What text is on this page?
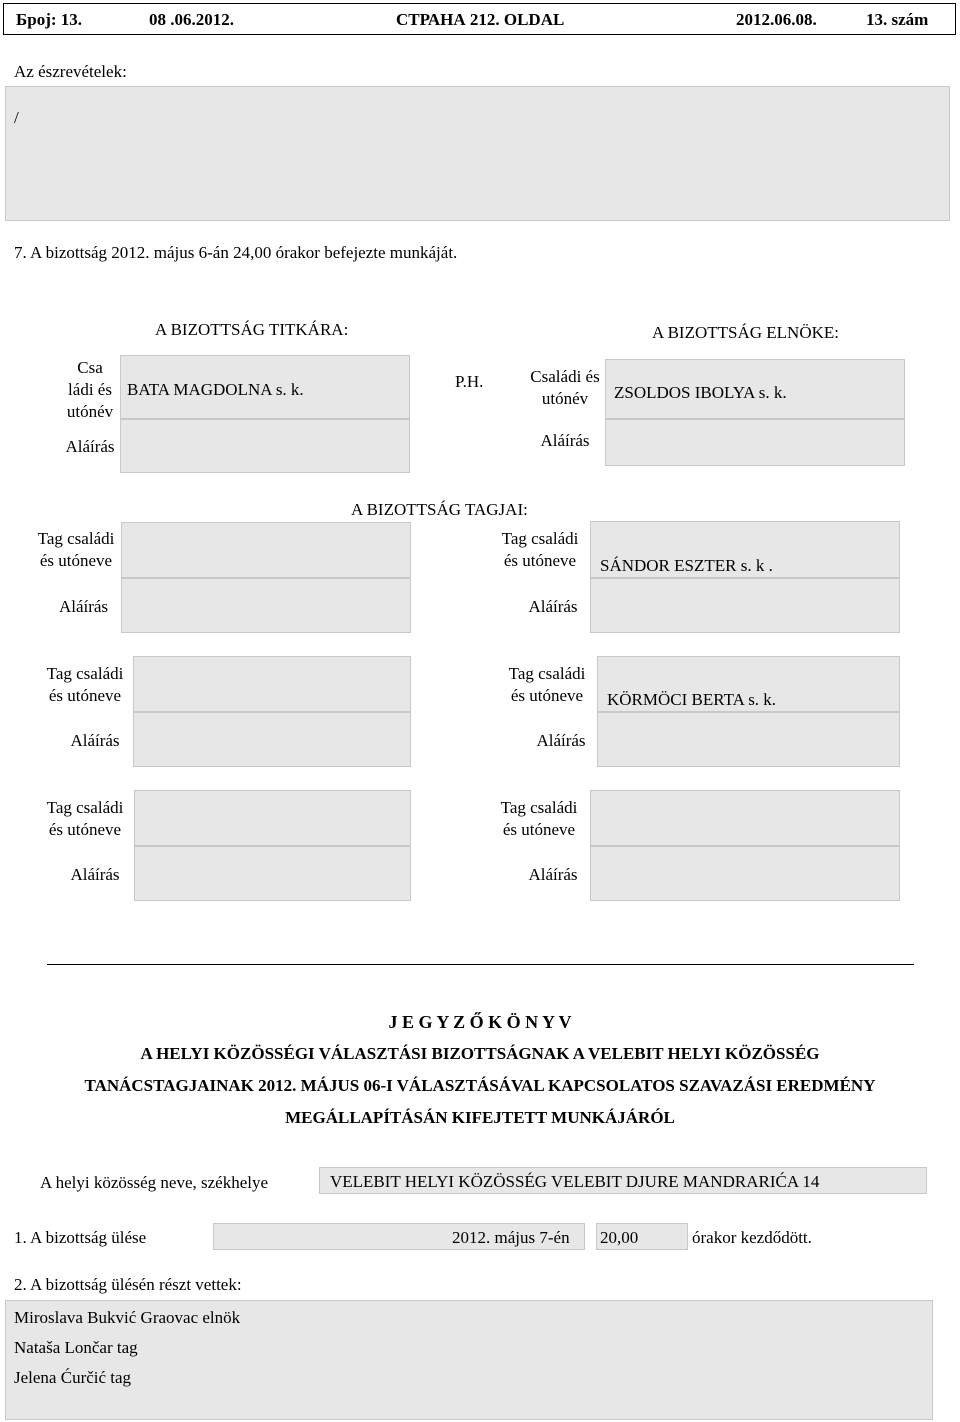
Број: 13.	08 .06.2012.	СТРАНА 212. OLDAL	2012.06.08.	13. szám
Az észrevételek:
/
7. A bizottság 2012. május 6-án 24,00 órakor befejezte munkáját.
A BIZOTTSÁG TITKÁRA:	A BIZOTTSÁG ELNÖKE:
Csa
ládi és
utónév
BATA MAGDOLNA s. k.
Aláírás
P.H.	Családi és
utónév	ZSOLDOS IBOLYA s. k.
Aláírás
A BIZOTTSÁG TAGJAI:
Tag családi
és utóneve
Aláírás
Tag családi
és utóneve	SÁNDOR ESZTER s. k .
Aláírás
Tag családi
és utóneve
Aláírás
Tag családi
és utóneve	KÖRMÖCI BERTA s. k.
Aláírás
Tag családi
és utóneve
Aláírás
Tag családi
és utóneve
Aláírás
J E G Y Z Ő K Ö N Y V
A HELYI KÖZÖSSÉGI VÁLASZTÁSI BIZOTTSÁGNAK A VELEBIT HELYI KÖZÖSSÉG
TANÁCSTAGJAINAK 2012. MÁJUS 06-I VÁLASZTÁSÁVAL KAPCSOLATOS SZAVAZÁSI EREDMÉNY
MEGÁLLAPÍTÁSÁN KIFEJTETT MUNKÁJÁRÓL
A helyi közösség neve, székhelye	VELEBIT HELYI KÖZÖSSÉG VELEBIT DJURE MANDRARIĆA 14
1. A bizottság ülése	2012. május 7-én 20,00	órakor kezdődött.
2. A bizottság ülésén részt vettek:
Miroslava Bukvić Graovac elnök
Nataša Lončar tag
Jelena Ćurčić tag
